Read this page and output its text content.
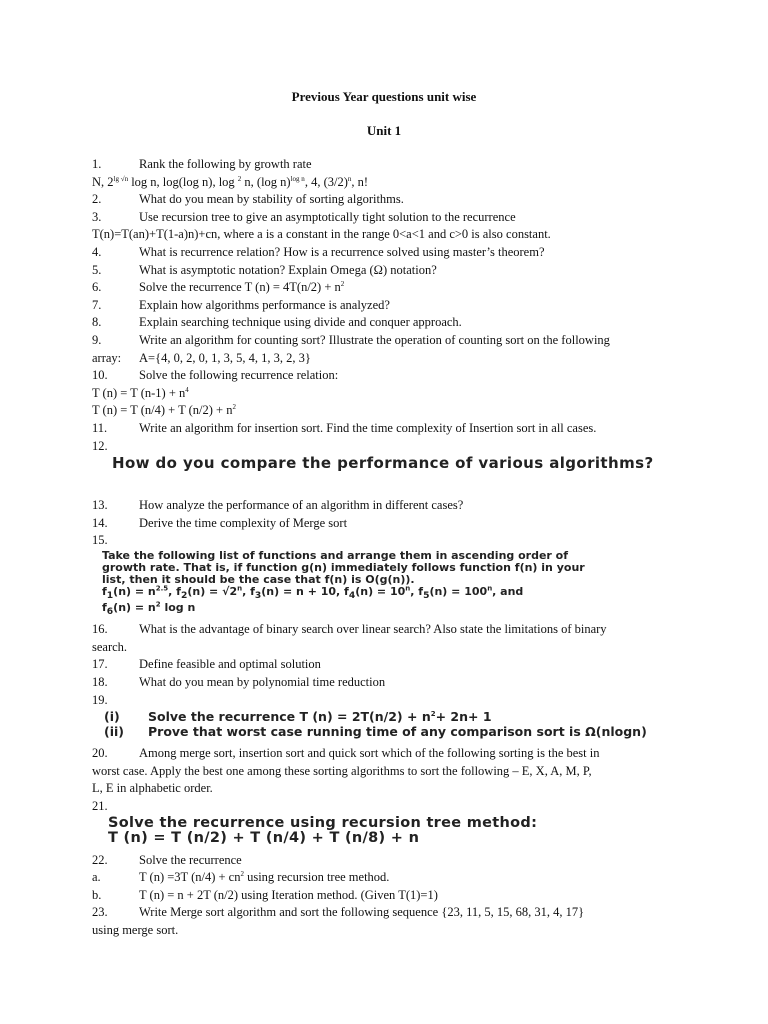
Previous Year questions unit wise
Unit 1
1.	Rank the following by growth rate
N, $2^{lg √n}$ log n, log(log n), log $^2$ n, (log n)$^{log n}$, 4, $(3/2)^n$, n!
2.	What do you mean by stability of sorting algorithms.
3.	Use recursion tree to give an asymptotically tight solution to the recurrence
T(n)=T(an)+T(1-a)n)+cn, where a is a constant in the range 0<a<1 and c>0 is also constant.
4.	What is recurrence relation? How is a recurrence solved using master’s theorem?
5.	What is asymptotic notation? Explain Omega (Ω) notation?
6.	Solve the recurrence T $(n) = 4T(n/2) + n^2$
7.	Explain how algorithms performance is analyzed?
8.	Explain searching technique using divide and conquer approach.
9.	Write an algorithm for counting sort? Illustrate the operation of counting sort on the following
array: A={4, 0, 2, 0, 1, 3, 5, 4, 1, 3, 2, 3}
10.	Solve the following recurrence relation:
T (n) = T $(n-1) + n^4$
T (n) = T (n/4) + T $(n/2) + n^2$
11.	Write an algorithm for insertion sort. Find the time complexity of Insertion sort in all cases.
12.
How do you compare the performance of various algorithms?
13.	How analyze the performance of an algorithm in different cases?
14.	Derive the time complexity of Merge sort
15.
Take the following list of functions and arrange them in ascending order of
growth rate. That is, if function g(n) immediately follows function f(n) in your
list, then it should be the case that f(n) is O(g(n)).
$f_1(n) = n^{2.5}$, $f_2(n) = √2^n$, $f_3(n) = n + 10$, $f_4(n) = 10^n$, $f_5(n) = 100^n$, and
$f_6(n) = n^2$ log n
16.	What is the advantage of binary search over linear search? Also state the limitations of binary
search.
17.	Define feasible and optimal solution
18.	What do you mean by polynomial time reduction
19.
(i) Solve the recurrence T $(n) = 2T(n/2) + n^2+ 2n+ 1$
(ii) Prove that worst case running time of any comparison sort is Ω(nlogn)
20.	Among merge sort, insertion sort and quick sort which of the following sorting is the best in
worst case. Apply the best one among these sorting algorithms to sort the following – E, X, A, M, P,
L, E in alphabetic order.
21.
Solve the recurrence using recursion tree method:
T (n) = T (n/2) + T (n/4) + T (n/8) + n
22.	Solve the recurrence
a.	T (n) =3T $(n/4) + cn^2$ using recursion tree method.
b.	T (n) = n + 2T (n/2) using Iteration method. (Given T(1)=1)
23.	Write Merge sort algorithm and sort the following sequence {23, 11, 5, 15, 68, 31, 4, 17}
using merge sort.
